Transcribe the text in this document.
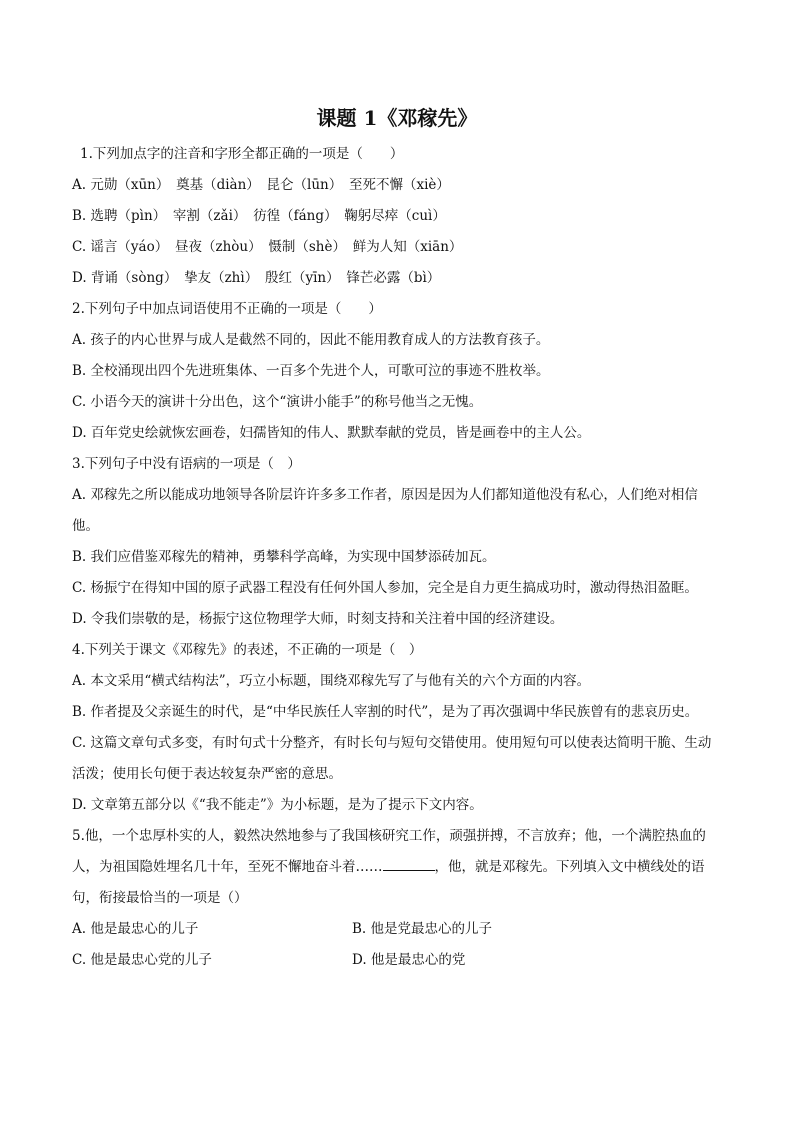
课题 1《邓稼先》

1.下列加点字的注音和字形全都正确的一项是（　　）

A. 元勋（xūn）　奠基（diàn）　昆仑（lūn）　至死不懈（xiè）

B. 选聘（pìn）　宰割（zǎi）　彷徨（fáng）　鞠躬尽瘁（cuì）

C. 谣言（yáo）　昼夜（zhòu）　慑制（shè）　鲜为人知（xiān）

D. 背诵（sòng）　挚友（zhì）　殷红（yīn）　锋芒必露（bì）

2.下列句子中加点词语使用不正确的一项是（　　）

A. 孩子的内心世界与成人是截然不同的，因此不能用教育成人的方法教育孩子。

B. 全校涌现出四个先进班集体、一百多个先进个人，可歌可泣的事迹不胜枚举。

C. 小语今天的演讲十分出色，这个“演讲小能手”的称号他当之无愧。

D. 百年党史绘就恢宏画卷，妇孺皆知的伟人、默默奉献的党员，皆是画卷中的主人公。

3.下列句子中没有语病的一项是（　）

A. 邓稼先之所以能成功地领导各阶层许许多多工作者，原因是因为人们都知道他没有私心，人们绝对相信他。

B. 我们应借鉴邓稼先的精神，勇攀科学高峰，为实现中国梦添砖加瓦。

C. 杨振宁在得知中国的原子武器工程没有任何外国人参加，完全是自力更生搞成功时，激动得热泪盈眶。

D. 令我们崇敬的是，杨振宁这位物理学大师，时刻支持和关注着中国的经济建设。

4.下列关于课文《邓稼先》的表述，不正确的一项是（　）

A. 本文采用“横式结构法”，巧立小标题，围绕邓稼先写了与他有关的六个方面的内容。

B. 作者提及父亲诞生的时代，是“中华民族任人宰割的时代”，是为了再次强调中华民族曾有的悲哀历史。

C. 这篇文章句式多变，有时句式十分整齐，有时长句与短句交错使用。使用短句可以使表达简明干脆、生动活泼；使用长句便于表达较复杂严密的意思。

D. 文章第五部分以《“我不能走”》为小标题，是为了提示下文内容。

5.他，一个忠厚朴实的人，毅然决然地参与了我国核研究工作，顽强拼搏，不言放弃；他，一个满腔热血的人，为祖国隐姓埋名几十年，至死不懈地奋斗着……	，他，就是邓稼先。下列填入文中横线处的语句，衔接最恰当的一项是（）

A. 他是最忠心的儿子	B. 他是党最忠心的儿子

C. 他是最忠心党的儿子	D. 他是最忠心的党
